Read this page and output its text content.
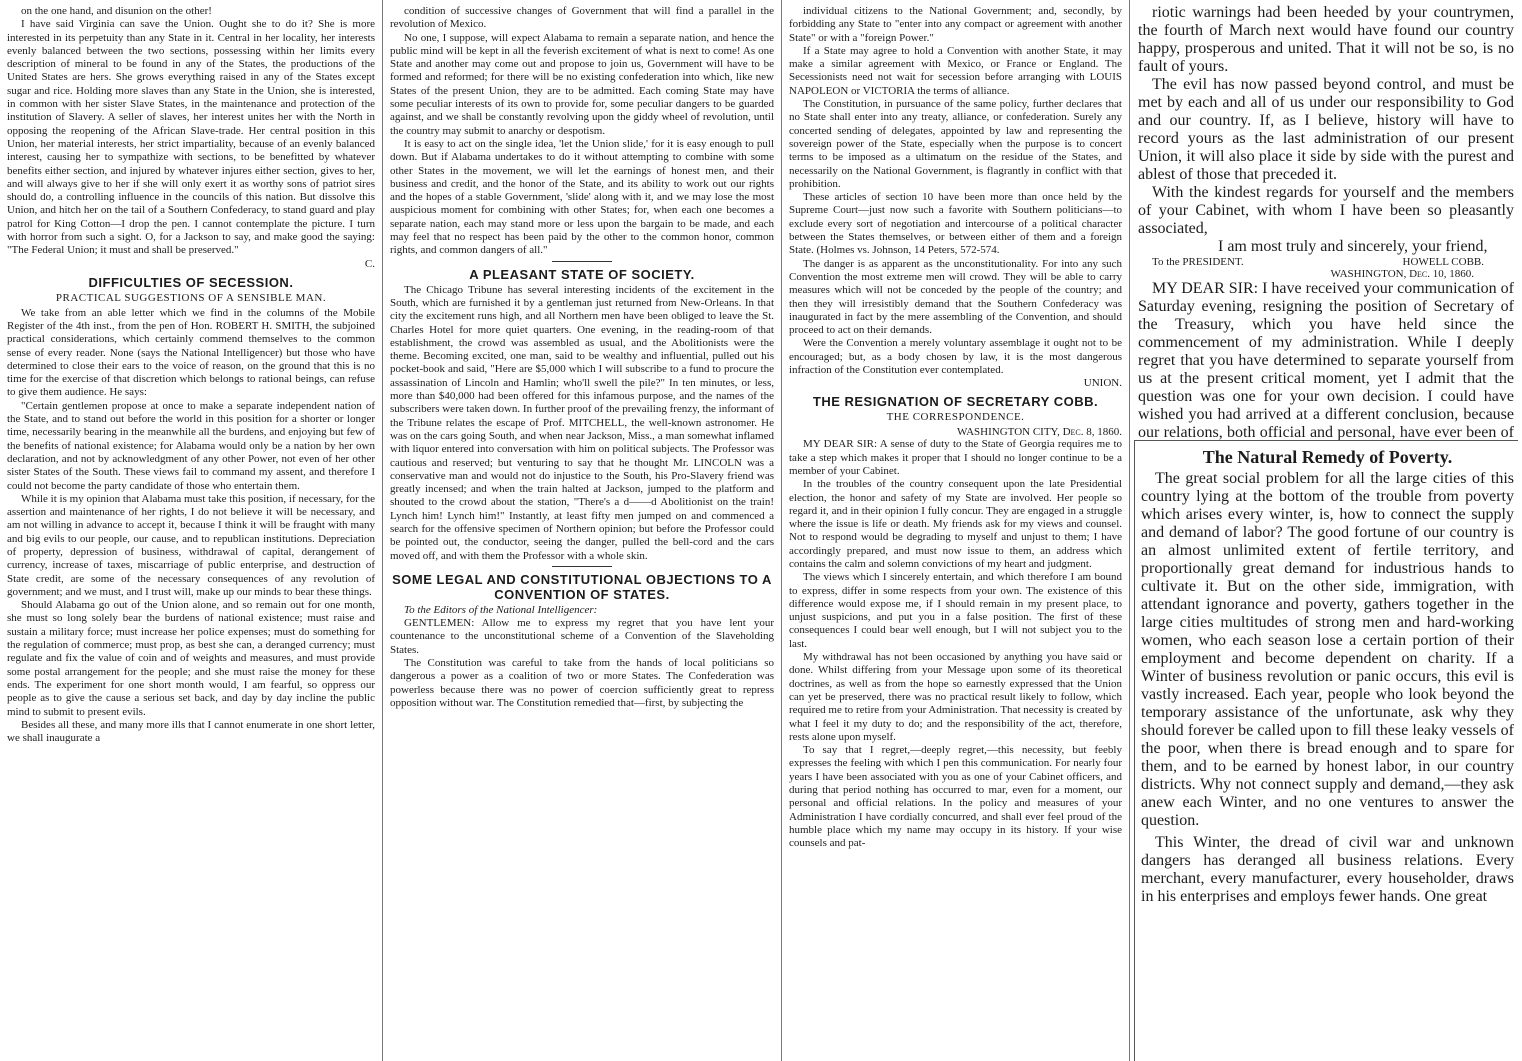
on the one hand, and disunion on the other!

I have said Virginia can save the Union. Ought she to do it? She is more interested in its perpetuity than any State in it. Central in her locality, her interests evenly balanced between the two sections, possessing within her limits every description of mineral to be found in any of the States, the productions of the United States are hers. She grows everything raised in any of the States except sugar and rice. Holding more slaves than any State in the Union, she is interested, in common with her sister Slave States, in the maintenance and protection of the institution of Slavery. A seller of slaves, her interest unites her with the North in opposing the reopening of the African Slave-trade. Her central position in this Union, her material interests, her strict impartiality, because of an evenly balanced interest, causing her to sympathize with sections, to be benefitted by whatever benefits either section, and injured by whatever injures either section, gives to her, and will always give to her if she will only exert it as worthy sons of patriot sires should do, a controlling influence in the councils of this nation. But dissolve this Union, and hitch her on the tail of a Southern Confederacy, to stand guard and play patrol for King Cotton—I drop the pen. I cannot contemplate the picture. I turn with horror from such a sight. O, for a Jackson to say, and make good the saying: "The Federal Union; it must and shall be preserved."

C.
DIFFICULTIES OF SECESSION.
PRACTICAL SUGGESTIONS OF A SENSIBLE MAN.

We take from an able letter which we find in the columns of the Mobile Register of the 4th inst., from the pen of Hon. ROBERT H. SMITH, the subjoined practical considerations, which certainly commend themselves to the common sense of every reader. None (says the National Intelligencer) but those who have determined to close their ears to the voice of reason, on the ground that this is no time for the exercise of that discretion which belongs to rational beings, can refuse to give them audience. He says:

"Certain gentlemen propose at once to make a separate independent nation of the State, and to stand out before the world in this position for a shorter or longer time, necessarily bearing in the meanwhile all the burdens, and enjoying but few of the benefits of national existence; for Alabama would only be a nation by her own declaration, and not by acknowledgment of any other Power, not even of her other sister States of the South. These views fail to command my assent, and therefore I could not become the party candidate of those who entertain them.

While it is my opinion that Alabama must take this position, if necessary, for the assertion and maintenance of her rights, I do not believe it will be necessary, and am not willing in advance to accept it, because I think it will be fraught with many and big evils to our people, our cause, and to republican institutions. Depreciation of property, depression of business, withdrawal of capital, derangement of currency, increase of taxes, miscarriage of public enterprise, and destruction of State credit, are some of the necessary consequences of any revolution of government; and we must, and I trust will, make up our minds to bear these things.

Should Alabama go out of the Union alone, and so remain out for one month, she must so long solely bear the burdens of national existence; must raise and sustain a military force; must increase her police expenses; must do something for the regulation of commerce; must prop, as best she can, a deranged currency; must regulate and fix the value of coin and of weights and measures, and must provide some postal arrangement for the people; and she must raise the money for these ends. The experiment for one short month would, I am fearful, so oppress our people as to give the cause a serious set back, and day by day incline the public mind to submit to present evils.

Besides all these, and many more ills that I cannot enumerate in one short letter, we shall inaugurate a

condition of successive changes of Government that will find a parallel in the revolution of Mexico.

No one, I suppose, will expect Alabama to remain a separate nation, and hence the public mind will be kept in all the feverish excitement of what is next to come! As one State and another may come out and propose to join us, Government will have to be formed and reformed; for there will be no existing confederation into which, like new States of the present Union, they are to be admitted. Each coming State may have some peculiar interests of its own to provide for, some peculiar dangers to be guarded against, and we shall be constantly revolving upon the giddy wheel of revolution, until the country may submit to anarchy or despotism.

It is easy to act on the single idea, 'let the Union slide,' for it is easy enough to pull down. But if Alabama undertakes to do it without attempting to combine with some other States in the movement, we will let the earnings of honest men, and their business and credit, and the honor of the State, and its ability to work out our rights and the hopes of a stable Government, 'slide' along with it, and we may lose the most auspicious moment for combining with other States; for, when each one becomes a separate nation, each may stand more or less upon the bargain to be made, and each may feel that no respect has been paid by the other to the common honor, common rights, and common dangers of all."

A PLEASANT STATE OF SOCIETY.

The Chicago Tribune has several interesting incidents of the excitement in the South, which are furnished it by a gentleman just returned from New-Orleans. In that city the excitement runs high, and all Northern men have been obliged to leave the St. Charles Hotel for more quiet quarters. One evening, in the reading-room of that establishment, the crowd was assembled as usual, and the Abolitionists were the theme. Becoming excited, one man, said to be wealthy and influential, pulled out his pocket-book and said, "Here are $5,000 which I will subscribe to a fund to procure the assassination of Lincoln and Hamlin; who'll swell the pile?" In ten minutes, or less, more than $40,000 had been offered for this infamous purpose, and the names of the subscribers were taken down. In further proof of the prevailing frenzy, the informant of the Tribune relates the escape of Prof. MITCHELL, the well-known astronomer. He was on the cars going South, and when near Jackson, Miss., a man somewhat inflamed with liquor entered into conversation with him on political subjects. The Professor was cautious and reserved; but venturing to say that he thought Mr. LINCOLN was a conservative man and would not do injustice to the South, his Pro-Slavery friend was greatly incensed; and when the train halted at Jackson, jumped to the platform and shouted to the crowd about the station, "There's a d——d Abolitionist on the train! Lynch him! Lynch him!" Instantly, at least fifty men jumped on and commenced a search for the offensive specimen of Northern opinion; but before the Professor could be pointed out, the conductor, seeing the danger, pulled the bell-cord and the cars moved off, and with them the Professor with a whole skin.

SOME LEGAL AND CONSTITUTIONAL OBJECTIONS TO A CONVENTION OF STATES.

To the Editors of the National Intelligencer:

GENTLEMEN: Allow me to express my regret that you have lent your countenance to the unconstitutional scheme of a Convention of the Slaveholding States.

The Constitution was careful to take from the hands of local politicians so dangerous a power as a coalition of two or more States. The Confederation was powerless because there was no power of coercion sufficiently great to repress opposition without war. The Constitution remedied that—first, by subjecting the

individual citizens to the National Government; and, secondly, by forbidding any State to "enter into any compact or agreement with another State" or with a "foreign Power."

If a State may agree to hold a Convention with another State, it may make a similar agreement with Mexico, or France or England. The Secessionists need not wait for secession before arranging with LOUIS NAPOLEON or VICTORIA the terms of alliance.

The Constitution, in pursuance of the same policy, further declares that no State shall enter into any treaty, alliance, or confederation. Surely any concerted sending of delegates, appointed by law and representing the sovereign power of the State, especially when the purpose is to concert terms to be imposed as a ultimatum on the residue of the States, and necessarily on the National Government, is flagrantly in conflict with that prohibition.

These articles of section 10 have been more than once held by the Supreme Court—just now such a favorite with Southern politicians—to exclude every sort of negotiation and intercourse of a political character between the States themselves, or between either of them and a foreign State. (Holmes vs. Johnson, 14 Peters, 572-574.

The danger is as apparent as the unconstitutionality. For into any such Convention the most extreme men will crowd. They will be able to carry measures which will not be conceded by the people of the country; and then they will irresistibly demand that the Southern Confederacy was inaugurated in fact by the mere assembling of the Convention, and should proceed to act on their demands.

Were the Convention a merely voluntary assemblage it ought not to be encouraged; but, as a body chosen by law, it is the most dangerous infraction of the Constitution ever contemplated.

UNION.
THE RESIGNATION OF SECRETARY COBB.
THE CORRESPONDENCE.
WASHINGTON CITY, Dec. 8, 1860.

MY DEAR SIR: A sense of duty to the State of Georgia requires me to take a step which makes it proper that I should no longer continue to be a member of your Cabinet.

In the troubles of the country consequent upon the late Presidential election, the honor and safety of my State are involved. Her people so regard it, and in their opinion I fully concur. They are engaged in a struggle where the issue is life or death. My friends ask for my views and counsel. Not to respond would be degrading to myself and unjust to them; I have accordingly prepared, and must now issue to them, an address which contains the calm and solemn convictions of my heart and judgment.

The views which I sincerely entertain, and which therefore I am bound to express, differ in some respects from your own. The existence of this difference would expose me, if I should remain in my present place, to unjust suspicions, and put you in a false position. The first of these consequences I could bear well enough, but I will not subject you to the last.

My withdrawal has not been occasioned by anything you have said or done. Whilst differing from your Message upon some of its theoretical doctrines, as well as from the hope so earnestly expressed that the Union can yet be preserved, there was no practical result likely to follow, which required me to retire from your Administration. That necessity is created by what I feel it my duty to do; and the responsibility of the act, therefore, rests alone upon myself.

To say that I regret,—deeply regret,—this necessity, but feebly expresses the feeling with which I pen this communication. For nearly four years I have been associated with you as one of your Cabinet officers, and during that period nothing has occurred to mar, even for a moment, our personal and official relations. In the policy and measures of your Administration I have cordially concurred, and shall ever feel proud of the humble place which my name may occupy in its history. If your wise counsels and pat-

riotic warnings had been heeded by your countrymen, the fourth of March next would have found our country happy, prosperous and united. That it will not be so, is no fault of yours.

The evil has now passed beyond control, and must be met by each and all of us under our responsibility to God and our country. If, as I believe, history will have to record yours as the last administration of our present Union, it will also place it side by side with the purest and ablest of those that preceded it.

With the kindest regards for yourself and the members of your Cabinet, with whom I have been so pleasantly associated,

I am most truly and sincerely, your friend,

To the PRESIDENT.	HOWELL COBB.
WASHINGTON, Dec. 10, 1860.

MY DEAR SIR: I have received your communication of Saturday evening, resigning the position of Secretary of the Treasury, which you have held since the commencement of my administration. While I deeply regret that you have determined to separate yourself from us at the present critical moment, yet I admit that the question was one for your own decision. I could have wished you had arrived at a different conclusion, because our relations, both official and personal, have ever been of

The Natural Remedy of Poverty.

The great social problem for all the large cities of this country lying at the bottom of the trouble from poverty which arises every winter, is, how to connect the supply and demand of labor? The good fortune of our country is an almost unlimited extent of fertile territory, and proportionally great demand for industrious hands to cultivate it. But on the other side, immigration, with attendant ignorance and poverty, gathers together in the large cities multitudes of strong men and hard-working women, who each season lose a certain portion of their employment and become dependent on charity. If a Winter of business revolution or panic occurs, this evil is vastly increased. Each year, people who look beyond the temporary assistance of the unfortunate, ask why they should forever be called upon to fill these leaky vessels of the poor, when there is bread enough and to spare for them, and to be earned by honest labor, in our country districts. Why not connect supply and demand,—they ask anew each Winter, and no one ventures to answer the question.

This Winter, the dread of civil war and unknown dangers has deranged all business relations. Every merchant, every manufacturer, every householder, draws in his enterprises and employs fewer hands. One great
